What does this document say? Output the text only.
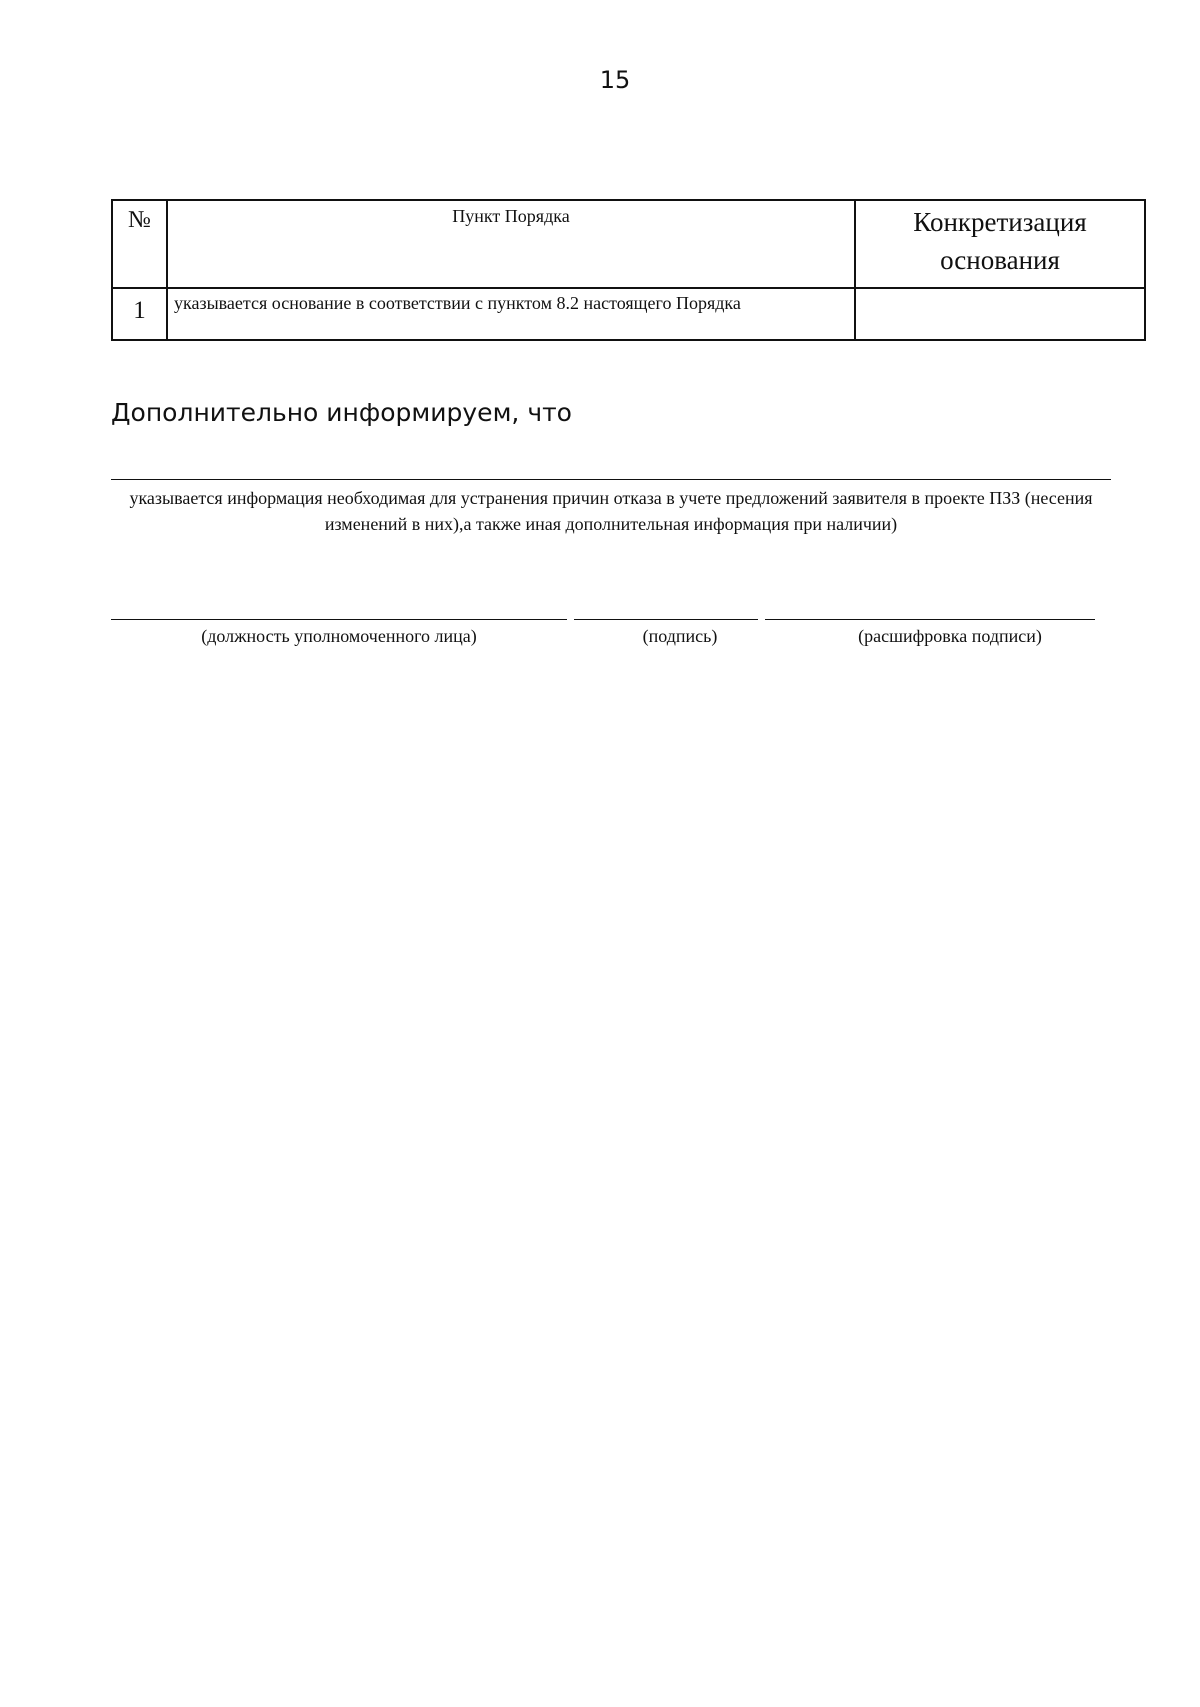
15
№	Пункт Порядка	Конкретизация основания
1	указывается основание в соответствии с пунктом 8.2 настоящего Порядка	
Дополнительно информируем, что
указывается информация необходимая для устранения причин отказа в учете предложений заявителя в проекте ПЗЗ (несения изменений в них),а также иная дополнительная информация при наличии)
(должность уполномоченного лица)	(подпись)	(расшифровка подписи)
